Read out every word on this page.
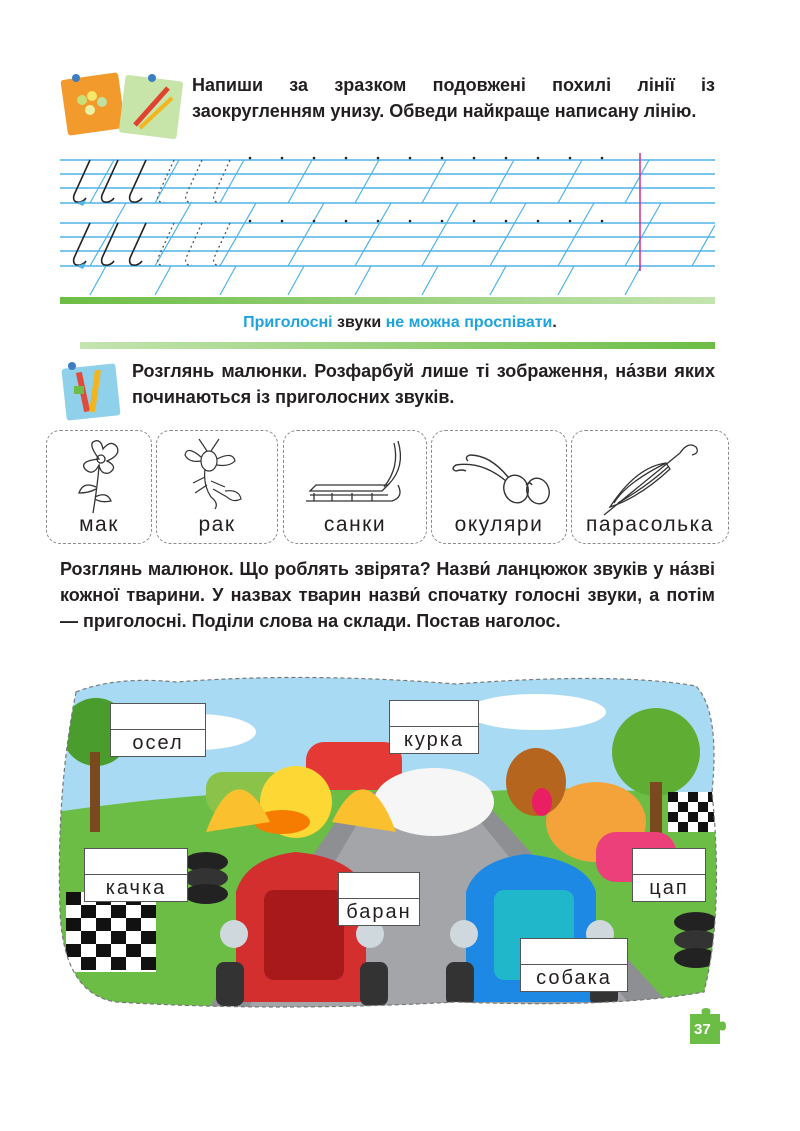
Напиши за зразком подовжені похилі лінії із заокругленням унизу. Обведи найкраще написану лінію.
Приголосні звуки не можна проспівати.
Розглянь малюнки. Розфарбуй лише ті зображення, на́зви яких починаються із приголосних звуків.
мак	рак	санки	окуляри	парасолька
Розглянь малюнок. Що роблять звірята? Назви́ ланцюжок звуків у на́зві кожної тварини. У назвах тварин назви́ спочатку голосні звуки, а потім — приголосні. Поділи слова на склади. Постав наголос.
осел	курка
качка
баран
цап
собака
37
